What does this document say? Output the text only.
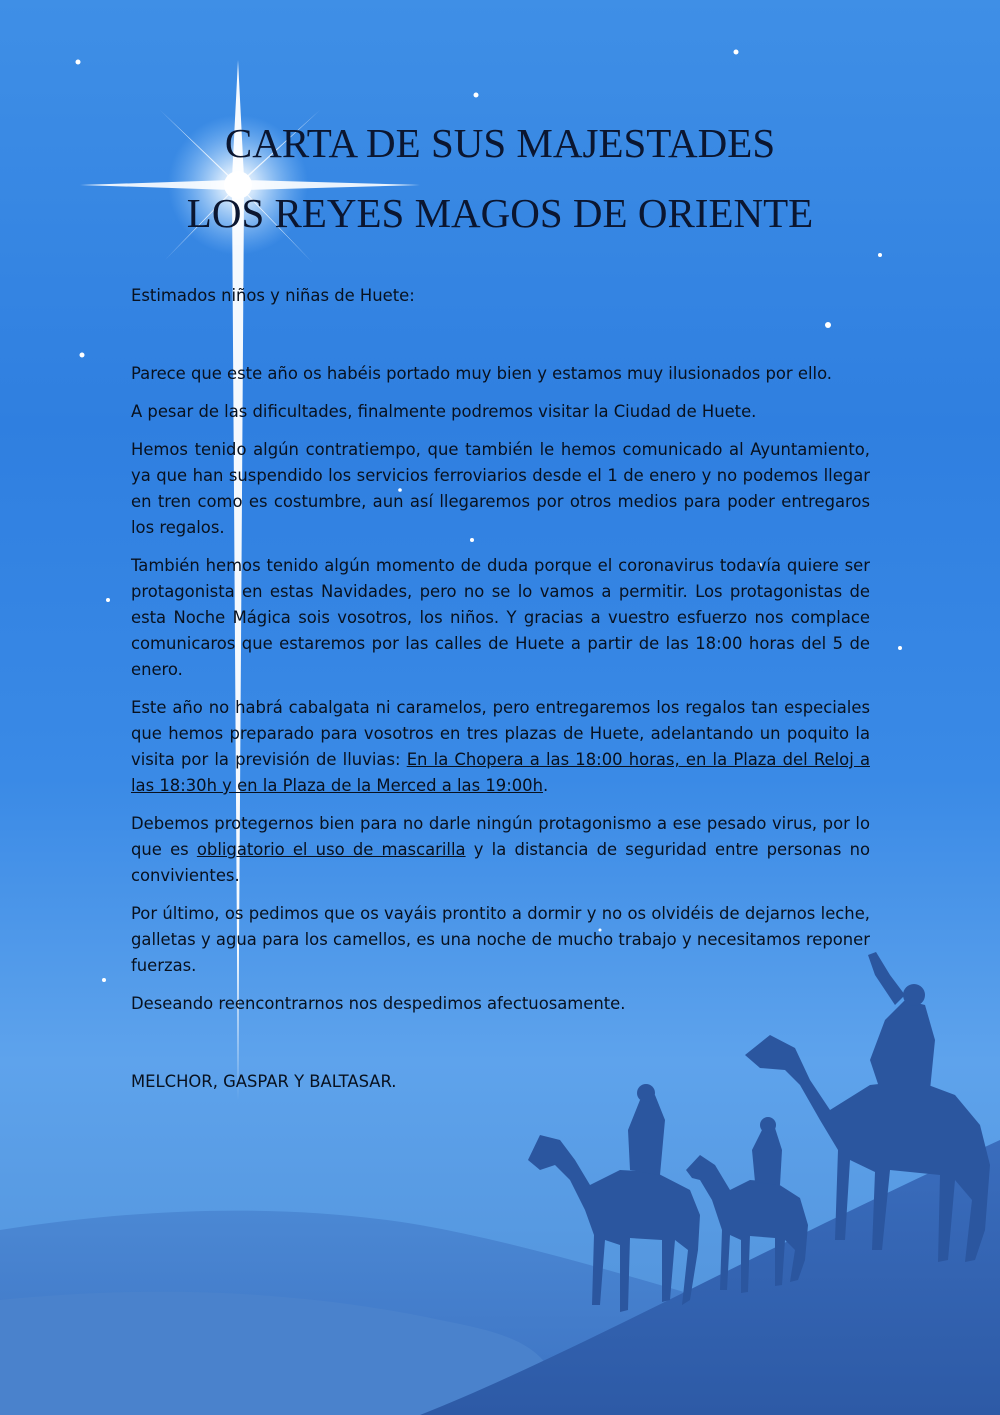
CARTA DE SUS MAJESTADES
LOS REYES MAGOS DE ORIENTE

Estimados niños y niñas de Huete:

Parece que este año os habéis portado muy bien y estamos muy ilusionados por ello.

A pesar de las dificultades, finalmente podremos visitar la Ciudad de Huete.

Hemos tenido algún contratiempo, que también le hemos comunicado al Ayuntamiento, ya que han suspendido los servicios ferroviarios desde el 1 de enero y no podemos llegar en tren como es costumbre, aun así llegaremos por otros medios para poder entregaros los regalos.

También hemos tenido algún momento de duda porque el coronavirus todavía quiere ser protagonista en estas Navidades, pero no se lo vamos a permitir. Los protagonistas de esta Noche Mágica sois vosotros, los niños. Y gracias a vuestro esfuerzo nos complace comunicaros que estaremos por las calles de Huete a partir de las 18:00 horas del 5 de enero.

Este año no habrá cabalgata ni caramelos, pero entregaremos los regalos tan especiales que hemos preparado para vosotros en tres plazas de Huete, adelantando un poquito la visita por la previsión de lluvias: En la Chopera a las 18:00 horas, en la Plaza del Reloj a las 18:30h y en la Plaza de la Merced a las 19:00h.

Debemos protegernos bien para no darle ningún protagonismo a ese pesado virus, por lo que es obligatorio el uso de mascarilla y la distancia de seguridad entre personas no convivientes.

Por último, os pedimos que os vayáis prontito a dormir y no os olvidéis de dejarnos leche, galletas y agua para los camellos, es una noche de mucho trabajo y necesitamos reponer fuerzas.

Deseando reencontrarnos nos despedimos afectuosamente.

MELCHOR, GASPAR Y BALTASAR.
